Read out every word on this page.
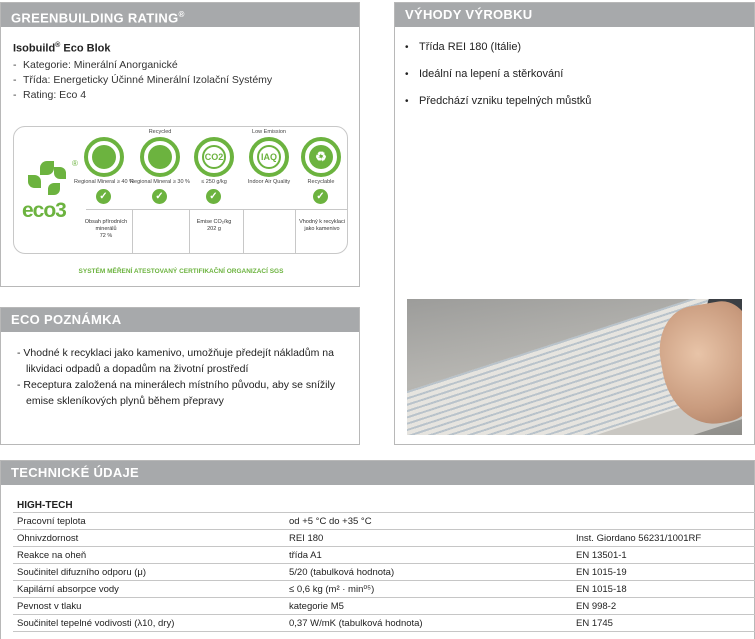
GREENBUILDING RATING®
Isobuild® Eco Blok
- Kategorie: Minerální Anorganické
- Třída: Energeticky Účinné Minerální Izolační Systémy
- Rating: Eco 4
®
eco3
Regional Mineral ≥ 40 %
Recycled
Regional Mineral ≥ 30 %
CO2
≤ 250 g/kg
Low Emission
IAQ
Indoor Air Quality
♻
Recyclable
✓	✓	✓	✓
Obsah přírodních
minerálů
72 %
Emise CO₂/kg
202 g
Vhodný k recyklaci
jako kamenivo
SYSTÉM MĚŘENÍ ATESTOVANÝ CERTIFIKAČNÍ ORGANIZACÍ SGS
ECO POZNÁMKA
- Vhodné k recyklaci jako kamenivo, umožňuje předejít nákladům na likvidaci odpadů a dopadům na životní prostředí
- Receptura založená na minerálech místního původu, aby se snížily emise skleníkových plynů během přepravy
VÝHODY VÝROBKU
• Třída REI 180 (Itálie)
• Ideální na lepení a stěrkování
• Předchází vzniku tepelných můstků
TECHNICKÉ ÚDAJE
HIGH-TECH
Pracovní teplota	od +5 °C do +35 °C	
Ohnivzdornost	REI 180	Inst. Giordano 56231/1001RF
Reakce na oheň	třída A1	EN 13501-1
Součinitel difuzního odporu (μ)	5/20 (tabulková hodnota)	EN 1015-19
Kapilární absorpce vody	≤ 0,6 kg (m² · min⁰⁵)	EN 1015-18
Pevnost v tlaku	kategorie M5	EN 998-2
Součinitel tepelné vodivosti (λ10, dry)	0,37 W/mK (tabulková hodnota)	EN 1745
